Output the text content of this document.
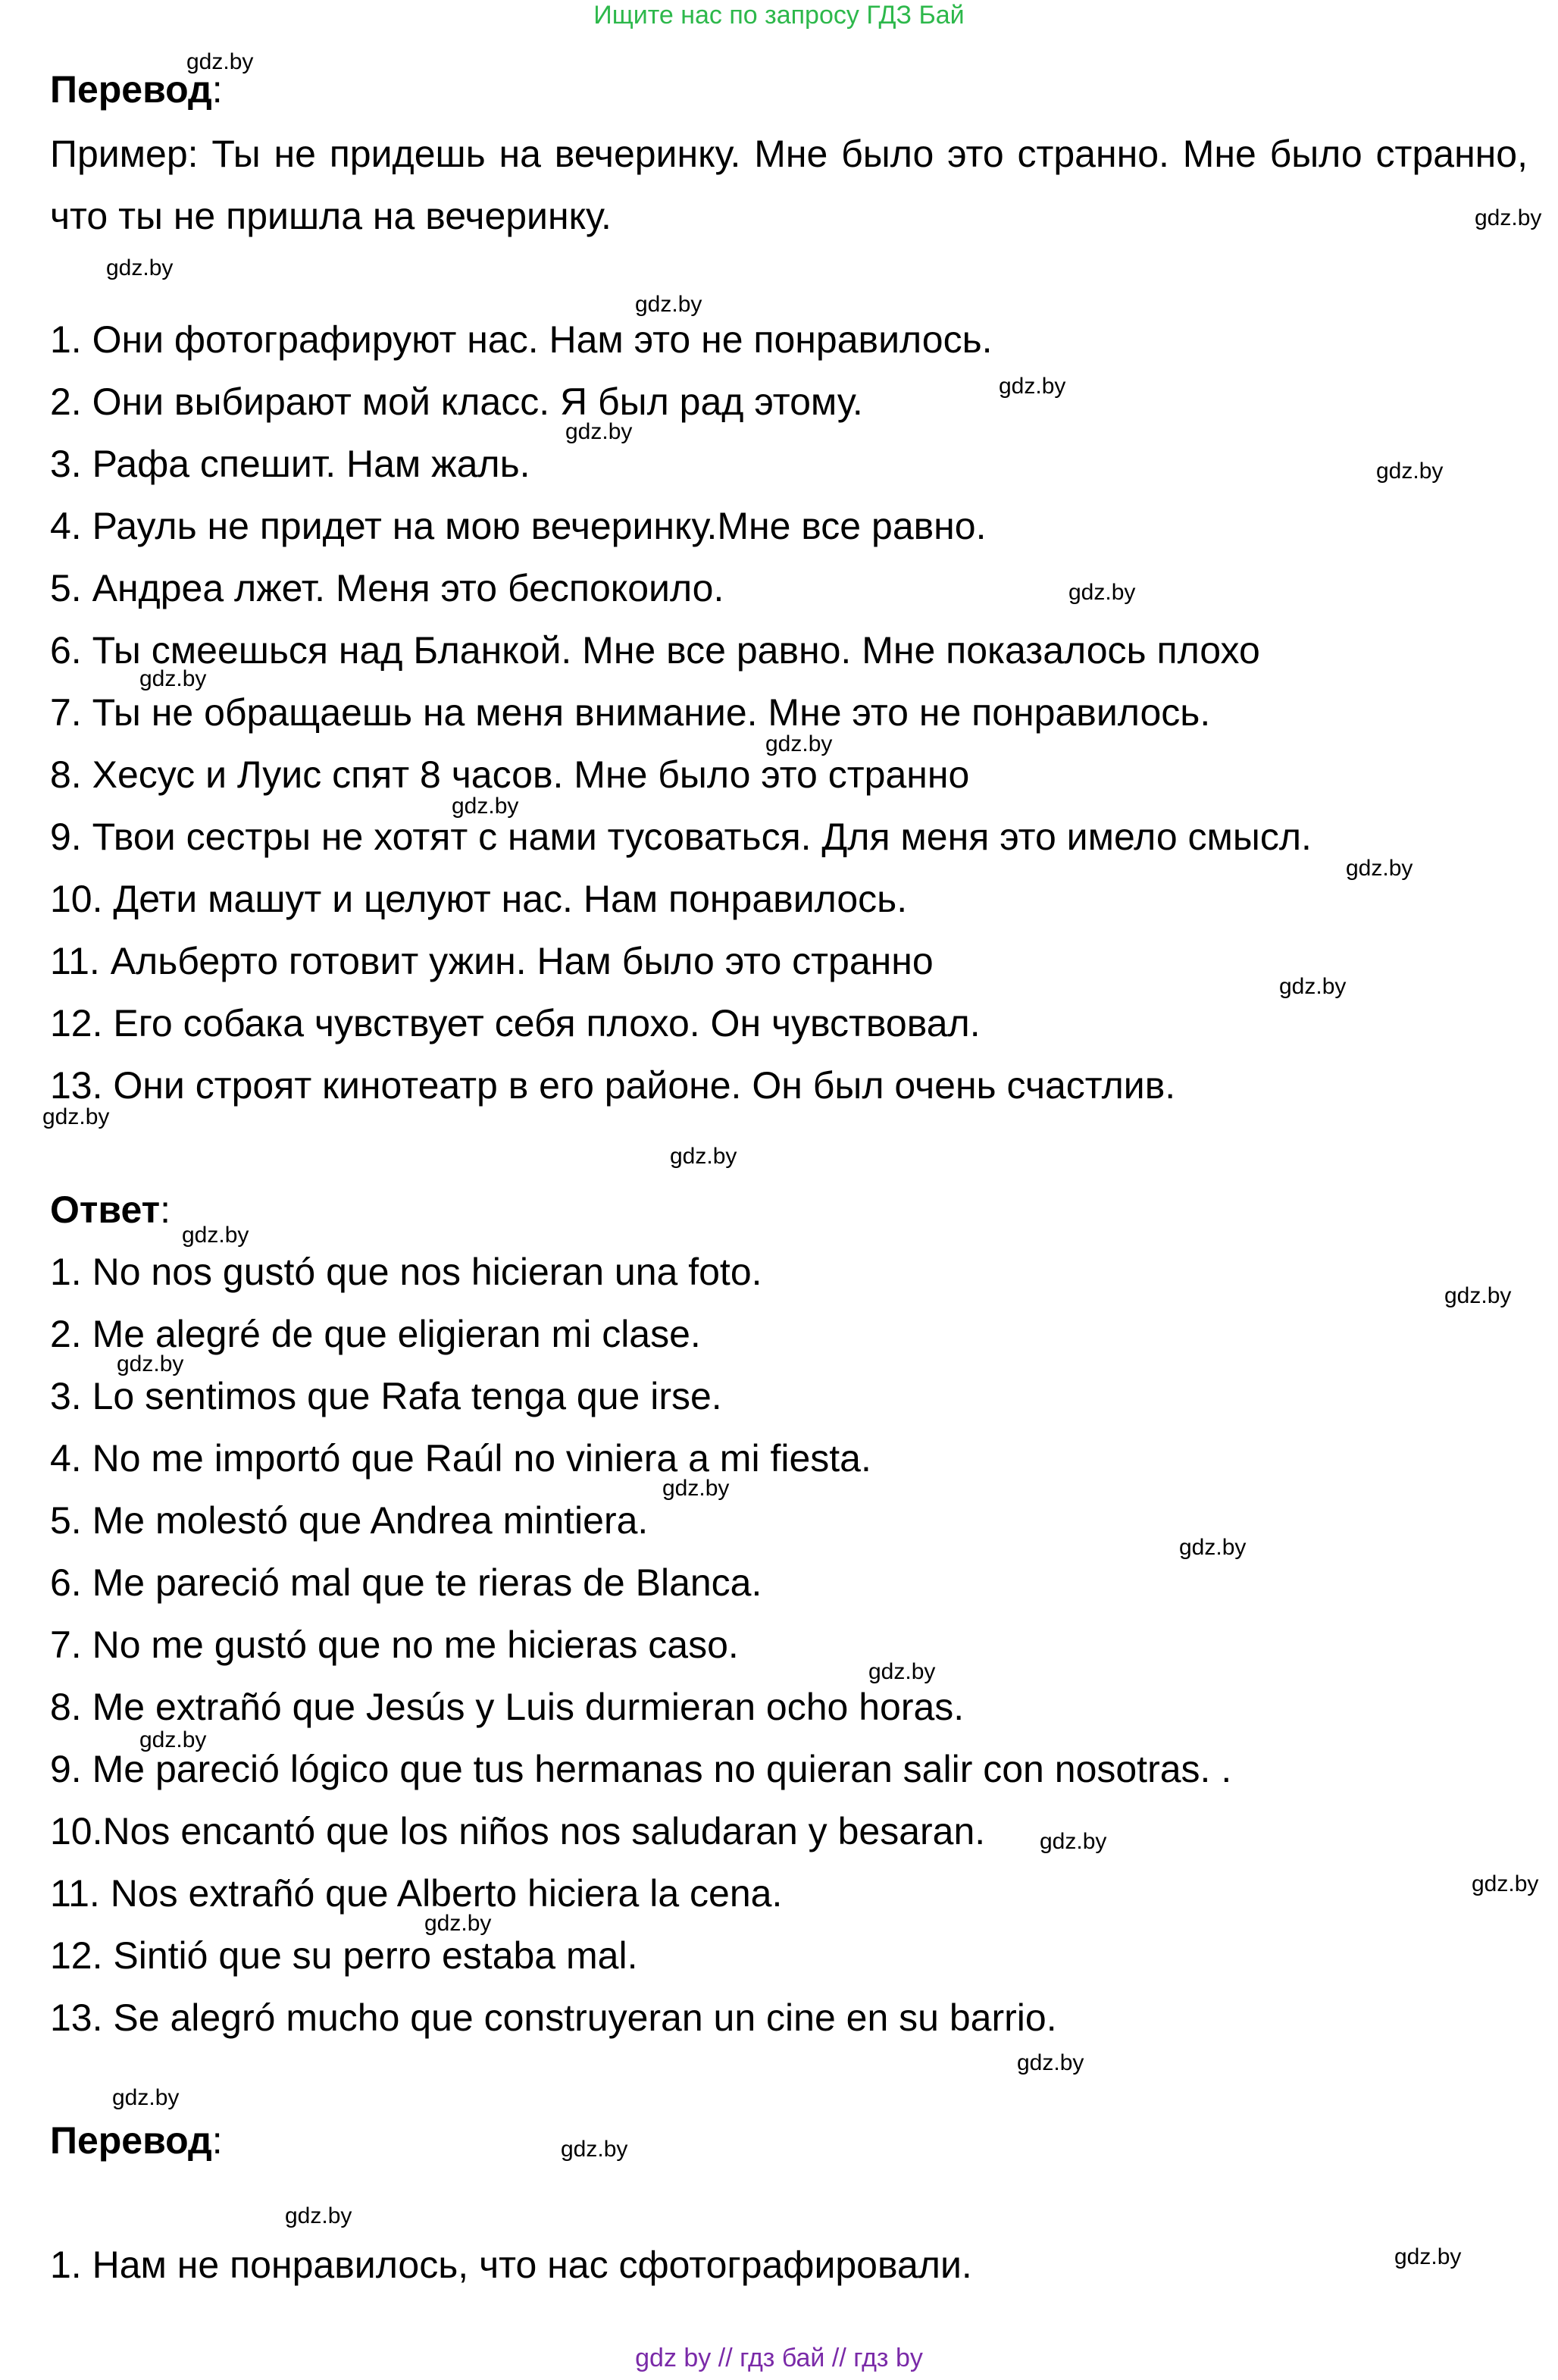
Ищите нас по запросу ГДЗ Бай
Перевод:
Пример: Ты не придешь на вечеринку. Мне было это странно. Мне было странно, что ты не пришла на вечеринку.
1. Они фотографируют нас. Нам это не понравилось.
2. Они выбирают мой класс. Я был рад этому.
3. Рафа спешит. Нам жаль.
4. Рауль не придет на мою вечеринку.Мне все равно.
5. Андреа лжет. Меня это беспокоило.
6. Ты смеешься над Бланкой. Мне все равно. Мне показалось плохо
7. Ты не обращаешь на меня внимание. Мне это не понравилось.
8. Хесус и Луис спят 8 часов. Мне было это странно
9. Твои сестры не хотят с нами тусоваться. Для меня это имело смысл.
10. Дети машут и целуют нас. Нам понравилось.
11. Альберто готовит ужин. Нам было это странно
12. Его собака чувствует себя плохо. Он чувствовал.
13. Они строят кинотеатр в его районе. Он был очень счастлив.
Ответ:
1. No nos gustó que nos hicieran una foto.
2. Me alegré de que eligieran mi clase.
3. Lo sentimos que Rafa tenga que irse.
4. No me importó que Raúl no viniera a mi fiesta.
5. Me molestó que Andrea mintiera.
6. Me pareció mal que te rieras de Blanca.
7. No me gustó que no me hicieras caso.
8. Me extrañó que Jesús y Luis durmieran ocho horas.
9. Me pareció lógico que tus hermanas no quieran salir con nosotras. .
10.Nos encantó que los niños nos saludaran y besaran.
11. Nos extrañó que Alberto hiciera la cena.
12. Sintió que su perro estaba mal.
13. Se alegró mucho que construyeran un cine en su barrio.
Перевод:
1. Нам не понравилось, что нас сфотографировали.
gdz.by
gdz.by
gdz.by
gdz.by
gdz.by
gdz.by
gdz.by
gdz.by
gdz.by
gdz.by
gdz.by
gdz.by
gdz.by
gdz.by
gdz.by
gdz.by
gdz.by
gdz.by
gdz.by
gdz.by
gdz.by
gdz.by
gdz.by
gdz.by
gdz.by
gdz.by
gdz.by
gdz.by
gdz.by
gdz.by
gdz by // гдз бай // гдз by
